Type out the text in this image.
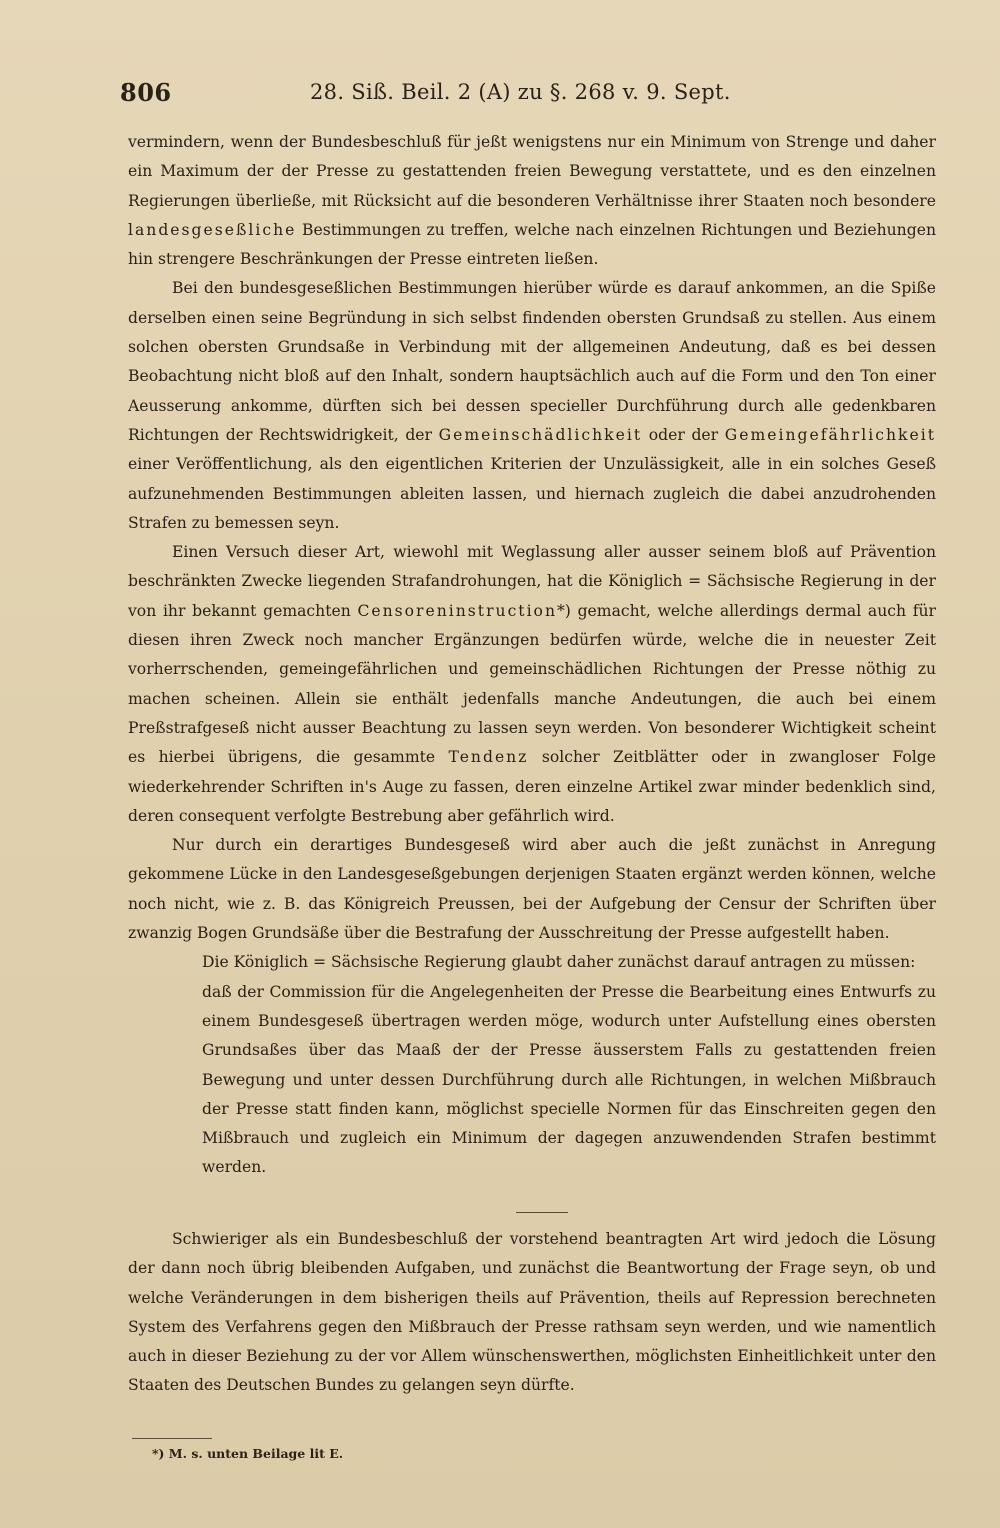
806	28. Siß. Beil. 2 (A) zu §. 268 v. 9. Sept.

vermindern, wenn der Bundesbeschluß für jeßt wenigstens nur ein Minimum von Strenge und daher ein Maximum der der Presse zu gestattenden freien Bewegung verstattete, und es den einzelnen Regierungen überließe, mit Rücksicht auf die besonderen Verhältnisse ihrer Staaten noch besondere landesgeseßliche Bestimmungen zu treffen, welche nach einzelnen Richtungen und Beziehungen hin strengere Beschränkungen der Presse eintreten ließen.

Bei den bundesgeseßlichen Bestimmungen hierüber würde es darauf ankommen, an die Spiße derselben einen seine Begründung in sich selbst findenden obersten Grundsaß zu stellen. Aus einem solchen obersten Grundsaße in Verbindung mit der allgemeinen Andeutung, daß es bei dessen Beobachtung nicht bloß auf den Inhalt, sondern hauptsächlich auch auf die Form und den Ton einer Aeusserung ankomme, dürften sich bei dessen specieller Durchführung durch alle gedenkbaren Richtungen der Rechtswidrigkeit, der Gemeinschädlichkeit oder der Gemeingefährlichkeit einer Veröffentlichung, als den eigentlichen Kriterien der Unzulässigkeit, alle in ein solches Geseß aufzunehmenden Bestimmungen ableiten lassen, und hiernach zugleich die dabei anzudrohenden Strafen zu bemessen seyn.

Einen Versuch dieser Art, wiewohl mit Weglassung aller ausser seinem bloß auf Prävention beschränkten Zwecke liegenden Strafandrohungen, hat die Königlich = Sächsische Regierung in der von ihr bekannt gemachten Censoreninstruction*) gemacht, welche allerdings dermal auch für diesen ihren Zweck noch mancher Ergänzungen bedürfen würde, welche die in neuester Zeit vorherrschenden, gemeingefährlichen und gemeinschädlichen Richtungen der Presse nöthig zu machen scheinen. Allein sie enthält jedenfalls manche Andeutungen, die auch bei einem Preßstrafgeseß nicht ausser Beachtung zu lassen seyn werden. Von besonderer Wichtigkeit scheint es hierbei übrigens, die gesammte Tendenz solcher Zeitblätter oder in zwangloser Folge wiederkehrender Schriften in's Auge zu fassen, deren einzelne Artikel zwar minder bedenklich sind, deren consequent verfolgte Bestrebung aber gefährlich wird.

Nur durch ein derartiges Bundesgeseß wird aber auch die jeßt zunächst in Anregung gekommene Lücke in den Landesgeseßgebungen derjenigen Staaten ergänzt werden können, welche noch nicht, wie z. B. das Königreich Preussen, bei der Aufgebung der Censur der Schriften über zwanzig Bogen Grundsäße über die Bestrafung der Ausschreitung der Presse aufgestellt haben.

Die Königlich = Sächsische Regierung glaubt daher zunächst darauf antragen zu müssen:

daß der Commission für die Angelegenheiten der Presse die Bearbeitung eines Entwurfs zu einem Bundesgeseß übertragen werden möge, wodurch unter Aufstellung eines obersten Grundsaßes über das Maaß der der Presse äusserstem Falls zu gestattenden freien Bewegung und unter dessen Durchführung durch alle Richtungen, in welchen Mißbrauch der Presse statt finden kann, möglichst specielle Normen für das Einschreiten gegen den Mißbrauch und zugleich ein Minimum der dagegen anzuwendenden Strafen bestimmt werden.

Schwieriger als ein Bundesbeschluß der vorstehend beantragten Art wird jedoch die Lösung der dann noch übrig bleibenden Aufgaben, und zunächst die Beantwortung der Frage seyn, ob und welche Veränderungen in dem bisherigen theils auf Prävention, theils auf Repression berechneten System des Verfahrens gegen den Mißbrauch der Presse rathsam seyn werden, und wie namentlich auch in dieser Beziehung zu der vor Allem wünschenswerthen, möglichsten Einheitlichkeit unter den Staaten des Deutschen Bundes zu gelangen seyn dürfte.

*) M. s. unten Beilage lit E.
